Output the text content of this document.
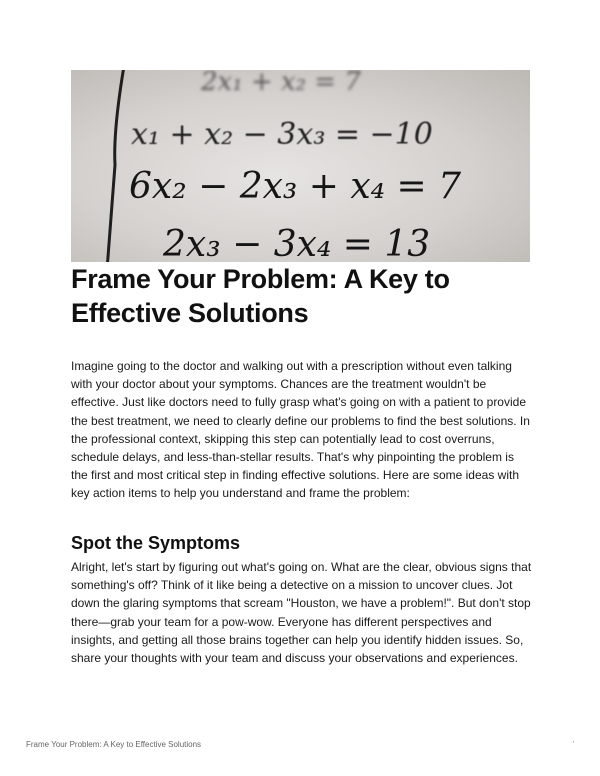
2x₁ + x₂ = 7
x₁ + x₂ − 3x₃ = −10
6x₂ − 2x₃ + x₄ = 7
2x₃ − 3x₄ = 13
Frame Your Problem: A Key to Effective Solutions

Imagine going to the doctor and walking out with a prescription without even talking with your doctor about your symptoms. Chances are the treatment wouldn't be effective. Just like doctors need to fully grasp what's going on with a patient to provide the best treatment, we need to clearly define our problems to find the best solutions. In the professional context, skipping this step can potentially lead to cost overruns, schedule delays, and less-than-stellar results. That's why pinpointing the problem is the first and most critical step in finding effective solutions. Here are some ideas with key action items to help you understand and frame the problem:

Spot the Symptoms

Alright, let's start by figuring out what's going on. What are the clear, obvious signs that something's off? Think of it like being a detective on a mission to uncover clues. Jot down the glaring symptoms that scream "Houston, we have a problem!". But don't stop there—grab your team for a pow-wow. Everyone has different perspectives and insights, and getting all those brains together can help you identify hidden issues. So, share your thoughts with your team and discuss your observations and experiences.

Frame Your Problem: A Key to Effective Solutions	′
